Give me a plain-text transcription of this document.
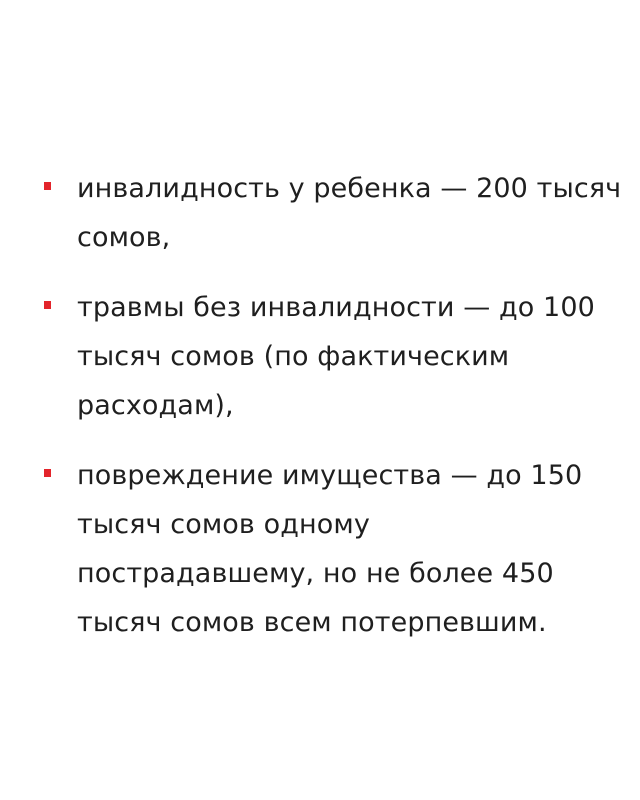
инвалидность у ребенка — 200 тысяч
сомов,
травмы без инвалидности — до 100
тысяч сомов (по фактическим
расходам),
повреждение имущества — до 150
тысяч сомов одному
пострадавшему, но не более 450
тысяч сомов всем потерпевшим.
